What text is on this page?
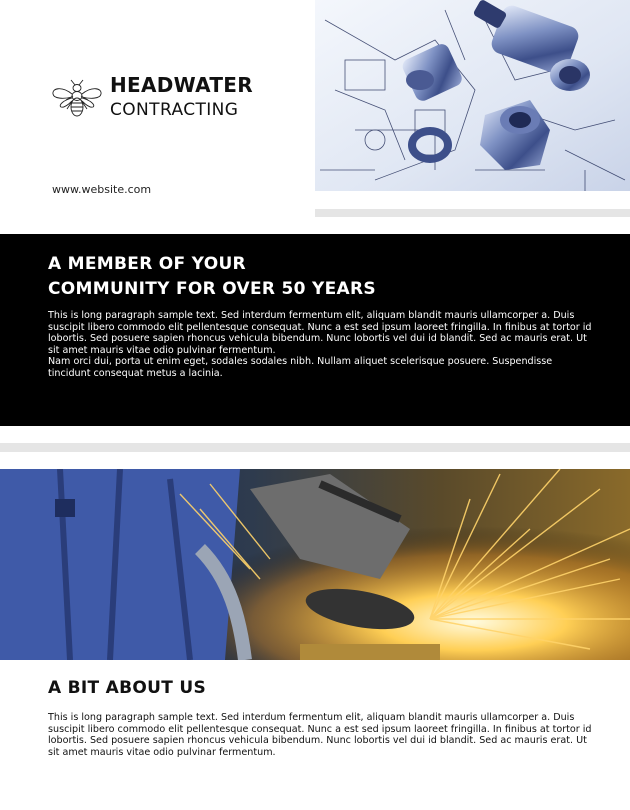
HEADWATER
CONTRACTING
www.website.com
A MEMBER OF YOUR
COMMUNITY FOR OVER 50 YEARS
This is long paragraph sample text. Sed interdum fermentum elit, aliquam blandit mauris ullamcorper a. Duis suscipit libero commodo elit pellentesque consequat. Nunc a est sed ipsum laoreet fringilla. In finibus at tortor id lobortis. Sed posuere sapien rhoncus vehicula bibendum. Nunc lobortis vel dui id blandit. Sed ac mauris erat. Ut sit amet mauris vitae odio pulvinar fermentum.
Nam orci dui, porta ut enim eget, sodales sodales nibh. Nullam aliquet scelerisque posuere. Suspendisse tincidunt consequat metus a lacinia.
A BIT ABOUT US
This is long paragraph sample text. Sed interdum fermentum elit, aliquam blandit mauris ullamcorper a. Duis suscipit libero commodo elit pellentesque consequat. Nunc a est sed ipsum laoreet fringilla. In finibus at tortor id lobortis. Sed posuere sapien rhoncus vehicula bibendum. Nunc lobortis vel dui id blandit. Sed ac mauris erat. Ut sit amet mauris vitae odio pulvinar fermentum.
